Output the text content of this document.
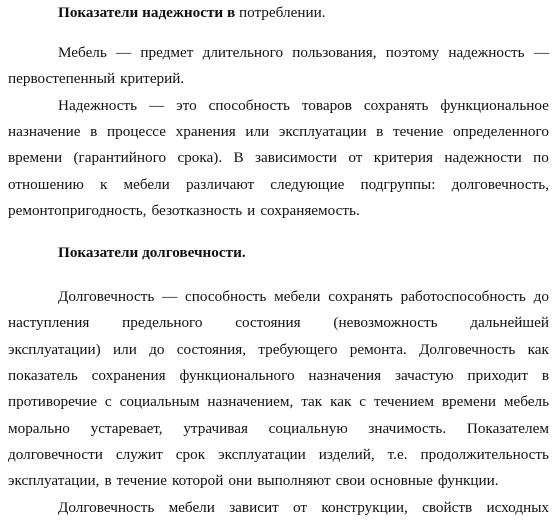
Показатели надежности в потреблении.
Мебель — предмет длительного пользования, поэтому надежность —
первостепенный критерий.
Надежность — это способность товаров сохранять функциональное
назначение в процессе хранения или эксплуатации в течение определенного
времени (гарантийного срока). В зависимости от критерия надежности по
отношению к мебели различают следующие подгруппы: долговечность,
ремонтопригодность, безотказность и сохраняемость.
Показатели долговечности.
Долговечность — способность мебели сохранять работоспособность до
наступления предельного состояния (невозможность дальнейшей
эксплуатации) или до состояния, требующего ремонта. Долговечность как
показатель сохранения функционального назначения зачастую приходит в
противоречие с социальным назначением, так как с течением времени мебель
морально устаревает, утрачивая социальную значимость. Показателем
долговечности служит срок эксплуатации изделий, т.е. продолжительность
эксплуатации, в течение которой они выполняют свои основные функции.
Долговечность мебели зависит от конструкции, свойств исходных
